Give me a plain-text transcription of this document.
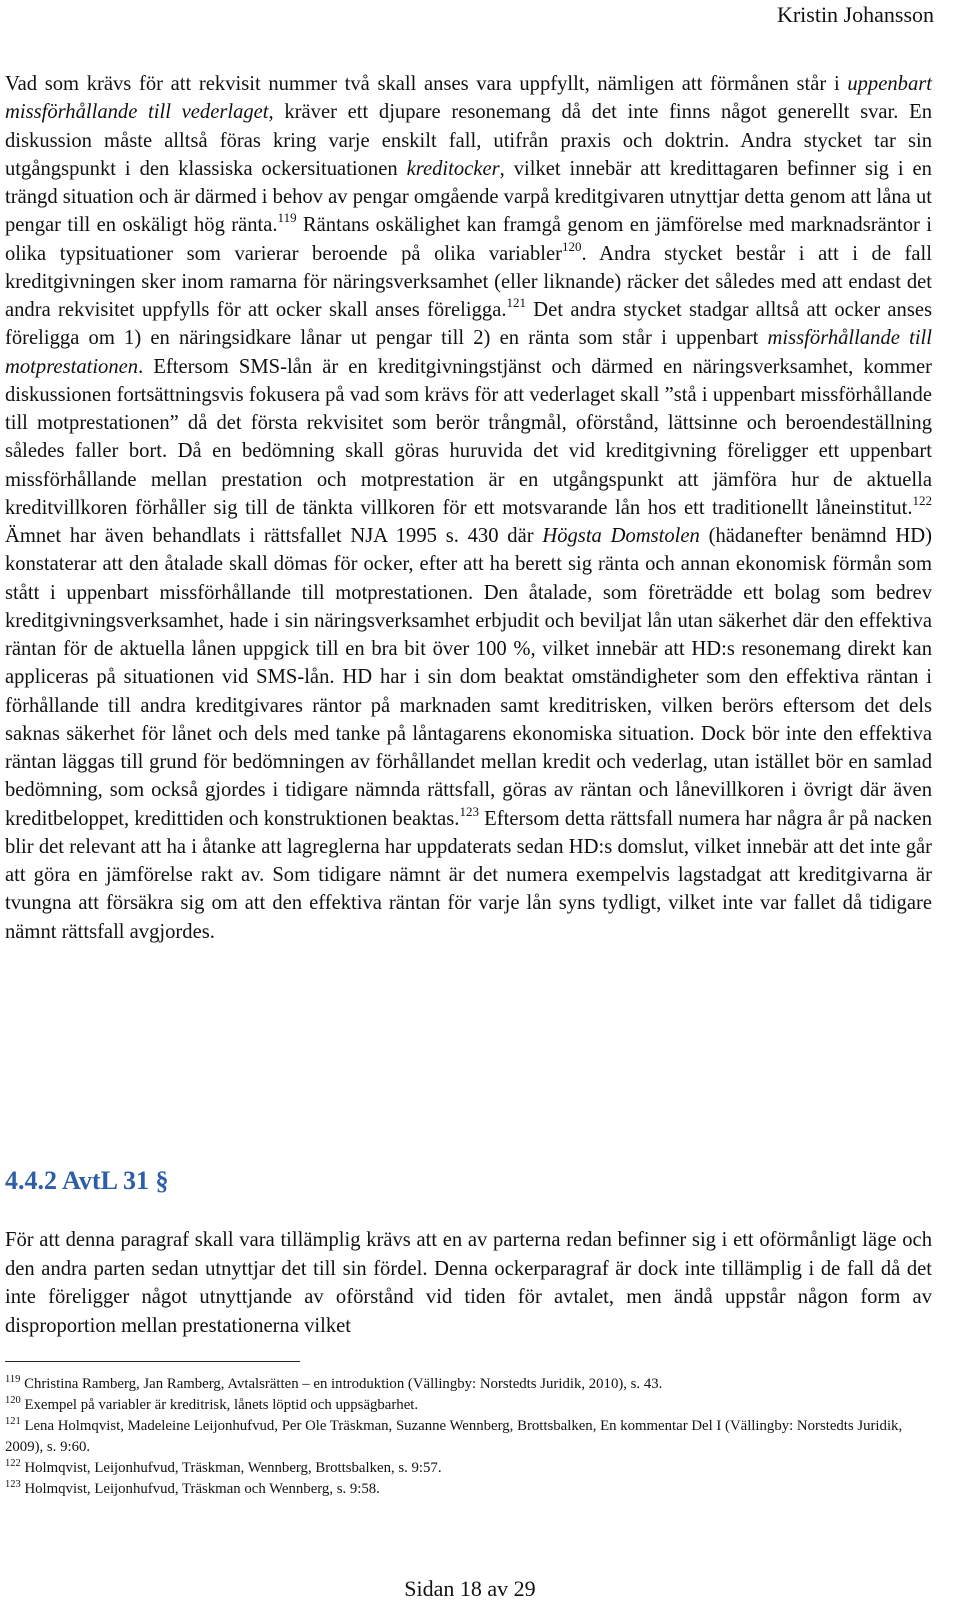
Kristin Johansson

Vad som krävs för att rekvisit nummer två skall anses vara uppfyllt, nämligen att förmånen står i uppenbart missförhållande till vederlaget, kräver ett djupare resonemang då det inte finns något generellt svar. En diskussion måste alltså föras kring varje enskilt fall, utifrån praxis och doktrin. Andra stycket tar sin utgångspunkt i den klassiska ockersituationen kreditocker, vilket innebär att kredittagaren befinner sig i en trängd situation och är därmed i behov av pengar omgående varpå kreditgivaren utnyttjar detta genom att låna ut pengar till en oskäligt hög ränta.$^{119}$ Räntans oskälighet kan framgå genom en jämförelse med marknadsräntor i olika typsituationer som varierar beroende på olika variabler$^{120}$. Andra stycket består i att i de fall kreditgivningen sker inom ramarna för näringsverksamhet (eller liknande) räcker det således med att endast det andra rekvisitet uppfylls för att ocker skall anses föreligga.$^{121}$ Det andra stycket stadgar alltså att ocker anses föreligga om 1) en näringsidkare lånar ut pengar till 2) en ränta som står i uppenbart missförhållande till motprestationen. Eftersom SMS-lån är en kreditgivningstjänst och därmed en näringsverksamhet, kommer diskussionen fortsättningsvis fokusera på vad som krävs för att vederlaget skall ”stå i uppenbart missförhållande till motprestationen” då det första rekvisitet som berör trångmål, oförstånd, lättsinne och beroendeställning således faller bort. Då en bedömning skall göras huruvida det vid kreditgivning föreligger ett uppenbart missförhållande mellan prestation och motprestation är en utgångspunkt att jämföra hur de aktuella kreditvillkoren förhåller sig till de tänkta villkoren för ett motsvarande lån hos ett traditionellt låneinstitut.$^{122}$ Ämnet har även behandlats i rättsfallet NJA 1995 s. 430 där Högsta Domstolen (hädanefter benämnd HD) konstaterar att den åtalade skall dömas för ocker, efter att ha berett sig ränta och annan ekonomisk förmån som stått i uppenbart missförhållande till motprestationen. Den åtalade, som företrädde ett bolag som bedrev kreditgivningsverksamhet, hade i sin näringsverksamhet erbjudit och beviljat lån utan säkerhet där den effektiva räntan för de aktuella lånen uppgick till en bra bit över 100 %, vilket innebär att HD:s resonemang direkt kan appliceras på situationen vid SMS-lån. HD har i sin dom beaktat omständigheter som den effektiva räntan i förhållande till andra kreditgivares räntor på marknaden samt kreditrisken, vilken berörs eftersom det dels saknas säkerhet för lånet och dels med tanke på låntagarens ekonomiska situation. Dock bör inte den effektiva räntan läggas till grund för bedömningen av förhållandet mellan kredit och vederlag, utan istället bör en samlad bedömning, som också gjordes i tidigare nämnda rättsfall, göras av räntan och lånevillkoren i övrigt där även kreditbeloppet, kredittiden och konstruktionen beaktas.$^{123}$ Eftersom detta rättsfall numera har några år på nacken blir det relevant att ha i åtanke att lagreglerna har uppdaterats sedan HD:s domslut, vilket innebär att det inte går att göra en jämförelse rakt av. Som tidigare nämnt är det numera exempelvis lagstadgat att kreditgivarna är tvungna att försäkra sig om att den effektiva räntan för varje lån syns tydligt, vilket inte var fallet då tidigare nämnt rättsfall avgjordes.

4.4.2 AvtL 31 §

För att denna paragraf skall vara tillämplig krävs att en av parterna redan befinner sig i ett oförmånligt läge och den andra parten sedan utnyttjar det till sin fördel. Denna ockerparagraf är dock inte tillämplig i de fall då det inte föreligger något utnyttjande av oförstånd vid tiden för avtalet, men ändå uppstår någon form av disproportion mellan prestationerna vilket

$^{119}$ Christina Ramberg, Jan Ramberg, Avtalsrätten – en introduktion (Vällingby: Norstedts Juridik, 2010), s. 43.
$^{120}$ Exempel på variabler är kreditrisk, lånets löptid och uppsägbarhet.
$^{121}$ Lena Holmqvist, Madeleine Leijonhufvud, Per Ole Träskman, Suzanne Wennberg, Brottsbalken, En kommentar Del I (Vällingby: Norstedts Juridik, 2009), s. 9:60.
$^{122}$ Holmqvist, Leijonhufvud, Träskman, Wennberg, Brottsbalken, s. 9:57.
$^{123}$ Holmqvist, Leijonhufvud, Träskman och Wennberg, s. 9:58.
Sidan 18 av 29
